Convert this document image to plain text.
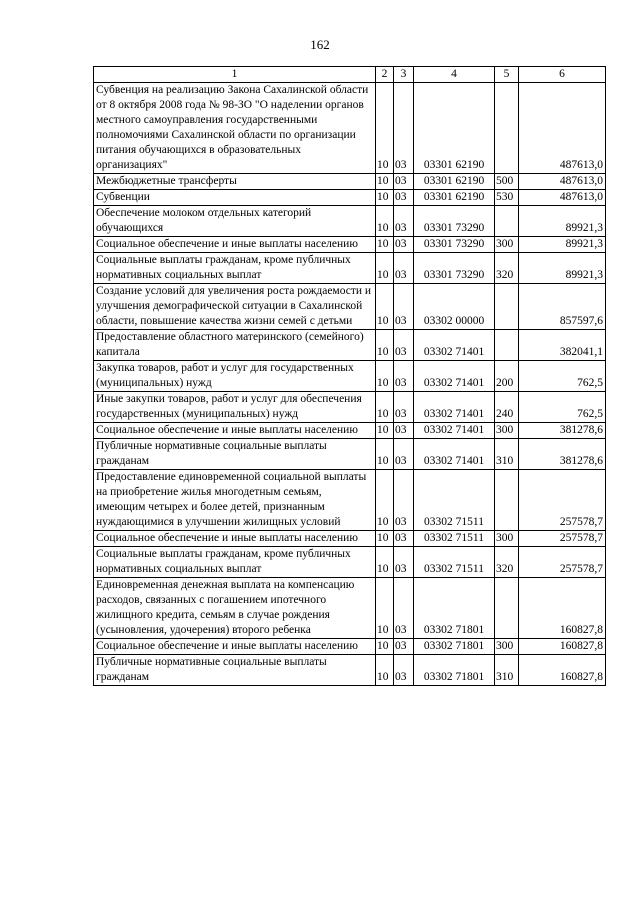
162
1	2	3	4	5	6
Субвенция на реализацию Закона Сахалинской области от 8 октября 2008 года № 98-ЗО "О наделении органов местного самоуправления государственными полномочиями Сахалинской области по организации питания обучающихся в образовательных организациях"	10	03	03301 62190		487613,0
Межбюджетные трансферты	10	03	03301 62190	500	487613,0
Субвенции	10	03	03301 62190	530	487613,0
Обеспечение молоком отдельных категорий обучающихся	10	03	03301 73290		89921,3
Социальное обеспечение и иные выплаты населению	10	03	03301 73290	300	89921,3
Социальные выплаты гражданам, кроме публичных нормативных социальных выплат	10	03	03301 73290	320	89921,3
Создание условий для увеличения роста рождаемости и улучшения демографической ситуации в Сахалинской области, повышение качества жизни семей с детьми	10	03	03302 00000		857597,6
Предоставление областного материнского (семейного) капитала	10	03	03302 71401		382041,1
Закупка товаров, работ и услуг для государственных (муниципальных) нужд	10	03	03302 71401	200	762,5
Иные закупки товаров, работ и услуг для обеспечения государственных (муниципальных) нужд	10	03	03302 71401	240	762,5
Социальное обеспечение и иные выплаты населению	10	03	03302 71401	300	381278,6
Публичные нормативные социальные выплаты гражданам	10	03	03302 71401	310	381278,6
Предоставление единовременной социальной выплаты на приобретение жилья многодетным семьям, имеющим четырех и более детей, признанным нуждающимися в улучшении жилищных условий	10	03	03302 71511		257578,7
Социальное обеспечение и иные выплаты населению	10	03	03302 71511	300	257578,7
Социальные выплаты гражданам, кроме публичных нормативных социальных выплат	10	03	03302 71511	320	257578,7
Единовременная денежная выплата на компенсацию расходов, связанных с погашением ипотечного жилищного кредита, семьям в случае рождения (усыновления, удочерения) второго ребенка	10	03	03302 71801		160827,8
Социальное обеспечение и иные выплаты населению	10	03	03302 71801	300	160827,8
Публичные нормативные социальные выплаты гражданам	10	03	03302 71801	310	160827,8
